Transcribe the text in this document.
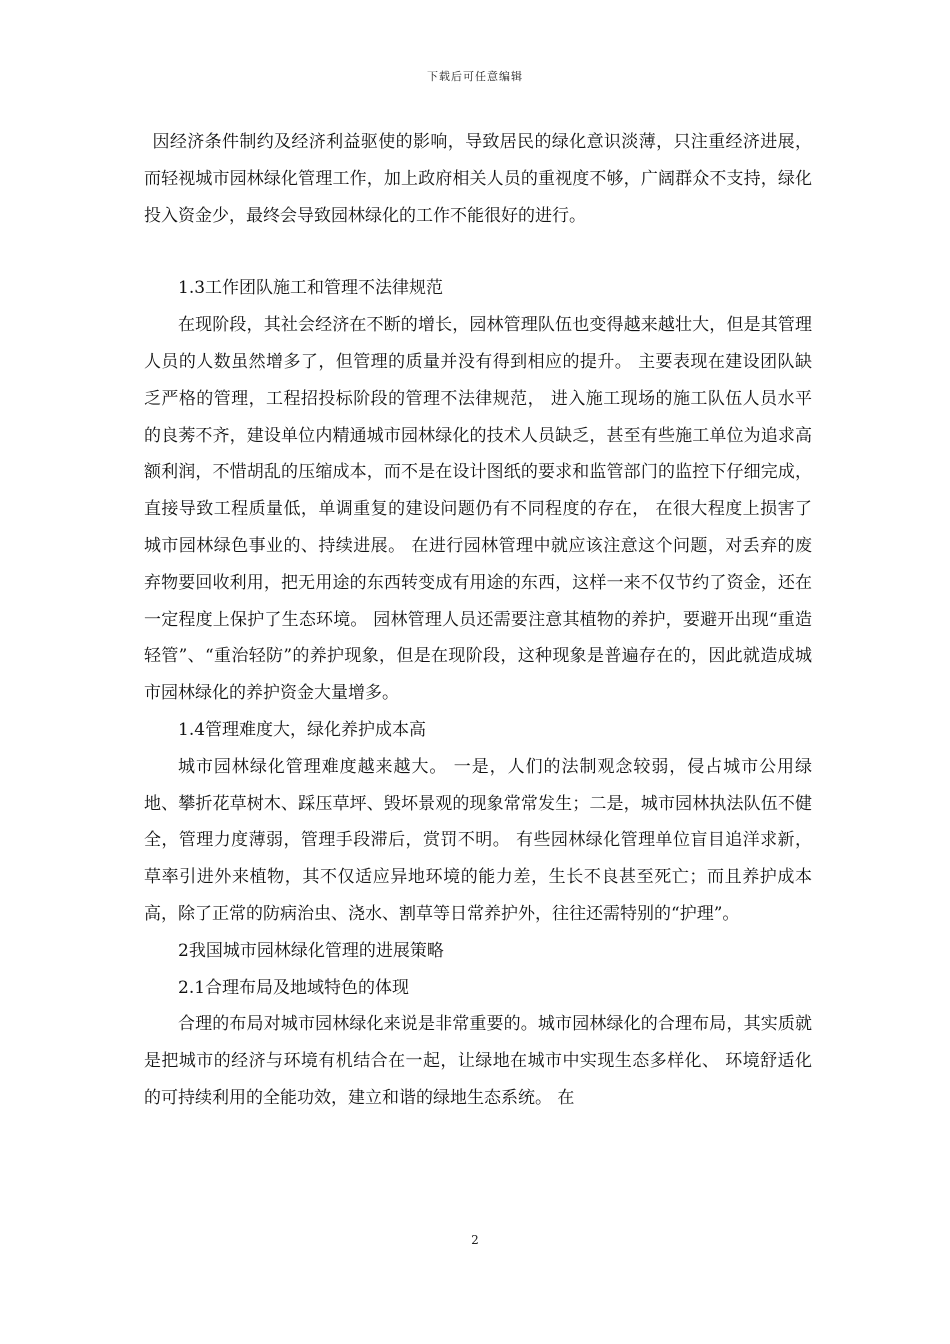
下载后可任意编辑

因经济条件制约及经济利益驱使的影响，导致居民的绿化意识淡薄，只注重经济进展，而轻视城市园林绿化管理工作，加上政府相关人员的重视度不够，广阔群众不支持，绿化投入资金少，最终会导致园林绿化的工作不能很好的进行。

1.3工作团队施工和管理不法律规范

在现阶段，其社会经济在不断的增长，园林管理队伍也变得越来越壮大，但是其管理人员的人数虽然增多了，但管理的质量并没有得到相应的提升。 主要表现在建设团队缺乏严格的管理，工程招投标阶段的管理不法律规范， 进入施工现场的施工队伍人员水平的良莠不齐，建设单位内精通城市园林绿化的技术人员缺乏，甚至有些施工单位为追求高额利润，不惜胡乱的压缩成本，而不是在设计图纸的要求和监管部门的监控下仔细完成，直接导致工程质量低，单调重复的建设问题仍有不同程度的存在， 在很大程度上损害了城市园林绿色事业的、持续进展。 在进行园林管理中就应该注意这个问题，对丢弃的废弃物要回收利用，把无用途的东西转变成有用途的东西，这样一来不仅节约了资金，还在一定程度上保护了生态环境。 园林管理人员还需要注意其植物的养护，要避开出现“重造轻管”、“重治轻防”的养护现象，但是在现阶段，这种现象是普遍存在的，因此就造成城市园林绿化的养护资金大量增多。

1.4管理难度大，绿化养护成本高

城市园林绿化管理难度越来越大。 一是，人们的法制观念较弱，侵占城市公用绿地、攀折花草树木、踩压草坪、毁坏景观的现象常常发生；二是，城市园林执法队伍不健全，管理力度薄弱，管理手段滞后，赏罚不明。 有些园林绿化管理单位盲目追洋求新，草率引进外来植物，其不仅适应异地环境的能力差，生长不良甚至死亡；而且养护成本高，除了正常的防病治虫、浇水、割草等日常养护外，往往还需特别的“护理”。

2我国城市园林绿化管理的进展策略

2.1合理布局及地域特色的体现

合理的布局对城市园林绿化来说是非常重要的。城市园林绿化的合理布局，其实质就是把城市的经济与环境有机结合在一起，让绿地在城市中实现生态多样化、 环境舒适化的可持续利用的全能功效，建立和谐的绿地生态系统。 在

2
